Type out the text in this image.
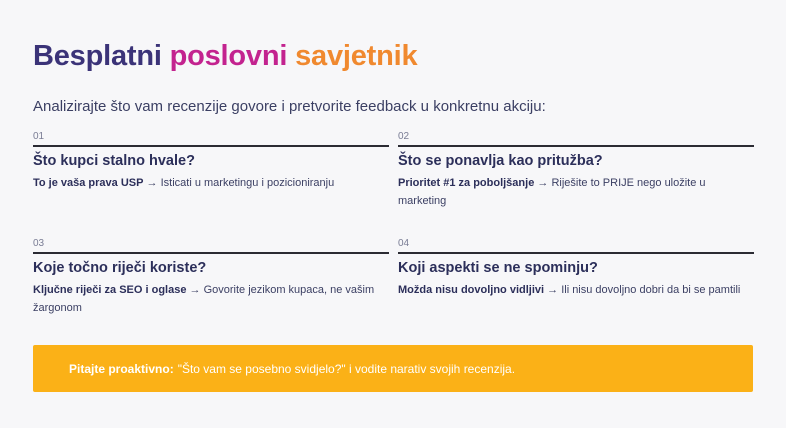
Besplatni poslovni savjetnik

Analizirajte što vam recenzije govore i pretvorite feedback u konkretnu akciju:

01
Što kupci stalno hvale?
To je vaša prava USP → Isticati u marketingu i pozicioniranju
02
Što se ponavlja kao pritužba?
Prioritet #1 za poboljšanje → Riješite to PRIJE nego uložite u marketing
03
Koje točno riječi koriste?
Ključne riječi za SEO i oglase → Govorite jezikom kupaca, ne vašim žargonom
04
Koji aspekti se ne spominju?
Možda nisu dovoljno vidljivi → Ili nisu dovoljno dobri da bi se pamtili
Pitajte proaktivno: "Što vam se posebno svidjelo?" i vodite narativ svojih recenzija.
